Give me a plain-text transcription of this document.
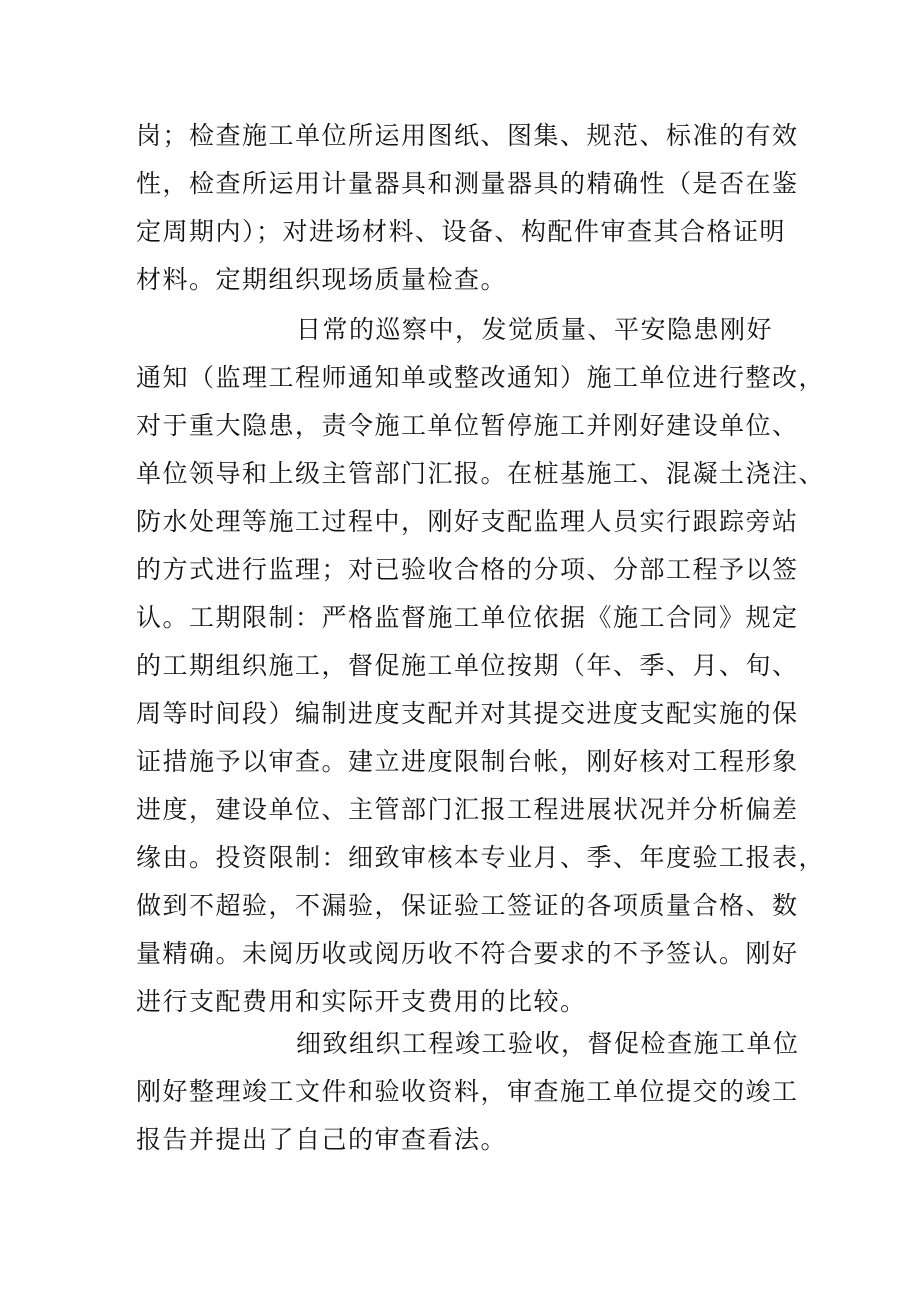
岗；检查施工单位所运用图纸、图集、规范、标准的有效
性，检查所运用计量器具和测量器具的精确性（是否在鉴
定周期内）；对进场材料、设备、构配件审查其合格证明
材料。定期组织现场质量检查。
日常的巡察中，发觉质量、平安隐患刚好
通知（监理工程师通知单或整改通知）施工单位进行整改，
对于重大隐患，责令施工单位暂停施工并刚好建设单位、
单位领导和上级主管部门汇报。在桩基施工、混凝土浇注、
防水处理等施工过程中，刚好支配监理人员实行跟踪旁站
的方式进行监理；对已验收合格的分项、分部工程予以签
认。工期限制：严格监督施工单位依据《施工合同》规定
的工期组织施工，督促施工单位按期（年、季、月、旬、
周等时间段）编制进度支配并对其提交进度支配实施的保
证措施予以审查。建立进度限制台帐，刚好核对工程形象
进度，建设单位、主管部门汇报工程进展状况并分析偏差
缘由。投资限制：细致审核本专业月、季、年度验工报表，
做到不超验，不漏验，保证验工签证的各项质量合格、数
量精确。未阅历收或阅历收不符合要求的不予签认。刚好
进行支配费用和实际开支费用的比较。
细致组织工程竣工验收，督促检查施工单位
刚好整理竣工文件和验收资料，审查施工单位提交的竣工
报告并提出了自己的审查看法。
